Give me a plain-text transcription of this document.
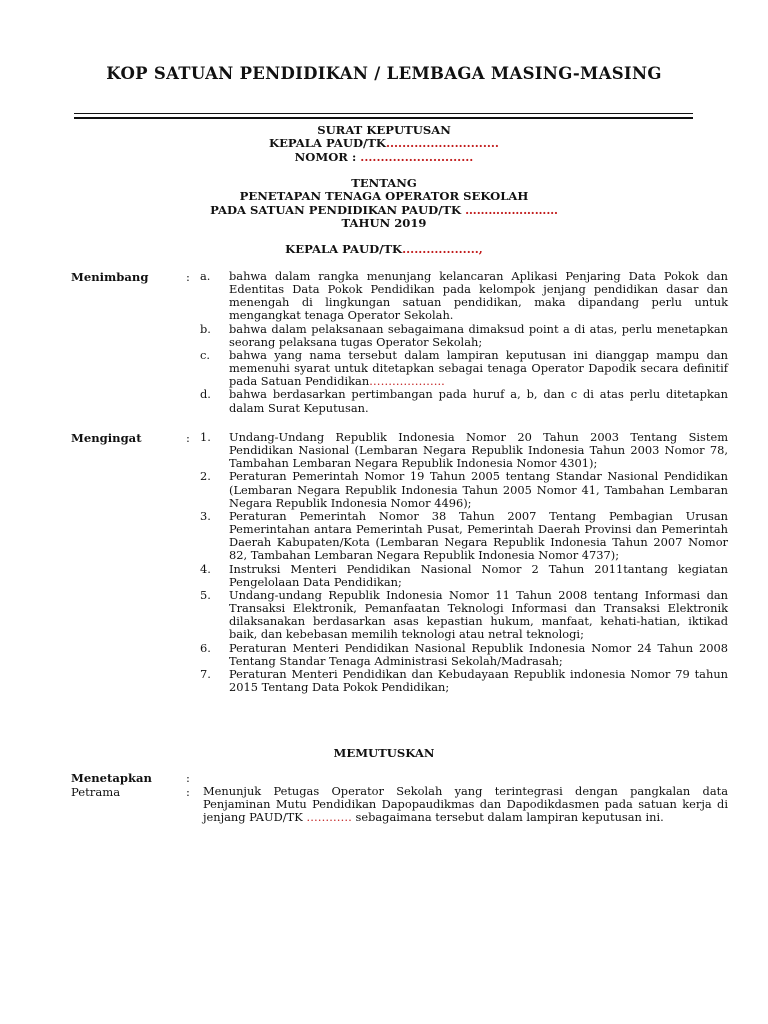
KOP SATUAN PENDIDIKAN / LEMBAGA MASING-MASING
SURAT KEPUTUSAN
KEPALA PAUD/TK............................
NOMOR : ............................
TENTANG
PENETAPAN TENAGA OPERATOR SEKOLAH
PADA SATUAN PENDIDIKAN PAUD/TK ……………………
TAHUN 2019
KEPALA PAUD/TK...................,
Menimbang	: a.	bahwa dalam rangka menunjang kelancaran Aplikasi Penjaring Data Pokok dan Edentitas Data Pokok Pendidikan pada kelompok jenjang pendidikan dasar dan menengah di lingkungan satuan pendidikan, maka dipandang perlu untuk mengangkat tenaga Operator Sekolah.
b.	bahwa dalam pelaksanaan sebagaimana dimaksud point a di atas, perlu menetapkan seorang pelaksana tugas Operator Sekolah;
c.	bahwa yang nama tersebut dalam lampiran keputusan ini dianggap mampu dan memenuhi syarat untuk ditetapkan sebagai tenaga Operator Dapodik secara definitif pada Satuan Pendidikan………………..
d.	bahwa berdasarkan pertimbangan pada huruf a, b, dan c di atas perlu ditetapkan dalam Surat Keputusan.
Mengingat	: 1.	Undang-Undang Republik Indonesia Nomor 20 Tahun 2003 Tentang Sistem Pendidikan Nasional (Lembaran Negara Republik Indonesia Tahun 2003 Nomor 78, Tambahan Lembaran Negara Republik Indonesia Nomor 4301);
2.	Peraturan Pemerintah Nomor 19 Tahun 2005 tentang Standar Nasional Pendidikan (Lembaran Negara Republik Indonesia Tahun 2005 Nomor 41, Tambahan Lembaran Negara Republik Indonesia Nomor 4496);
3.	Peraturan Pemerintah Nomor 38 Tahun 2007 Tentang Pembagian Urusan Pemerintahan antara Pemerintah Pusat, Pemerintah Daerah Provinsi dan Pemerintah Daerah Kabupaten/Kota (Lembaran Negara Republik Indonesia Tahun 2007 Nomor 82, Tambahan Lembaran Negara Republik Indonesia Nomor 4737);
4.	Instruksi Menteri Pendidikan Nasional Nomor 2 Tahun 2011tantang kegiatan Pengelolaan Data Pendidikan;
5.	Undang-undang Republik Indonesia Nomor 11 Tahun 2008 tentang Informasi dan Transaksi Elektronik, Pemanfaatan Teknologi Informasi dan Transaksi Elektronik dilaksanakan berdasarkan asas kepastian hukum, manfaat, kehati-hatian, iktikad baik, dan kebebasan memilih teknologi atau netral teknologi;
6.	Peraturan Menteri Pendidikan Nasional Republik Indonesia Nomor 24 Tahun 2008 Tentang Standar Tenaga Administrasi Sekolah/Madrasah;
7.	Peraturan Menteri Pendidikan dan Kebudayaan Republik indonesia Nomor 79 tahun 2015 Tentang Data Pokok Pendidikan;
MEMUTUSKAN
Menetapkan	:
Petrama	: Menunjuk Petugas Operator Sekolah yang terintegrasi dengan pangkalan data Penjaminan Mutu Pendidikan Dapopaudikmas dan Dapodikdasmen pada satuan kerja di jenjang PAUD/TK ………… sebagaimana tersebut dalam lampiran keputusan ini.
